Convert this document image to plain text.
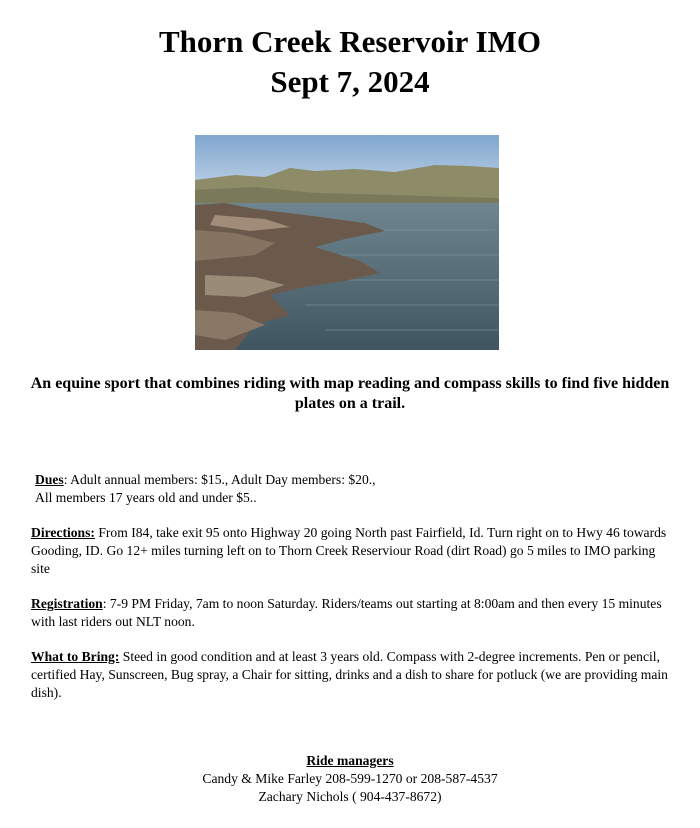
Thorn Creek Reservoir IMO
Sept 7, 2024
An equine sport that combines riding with map reading and compass skills to find five hidden plates on a trail.
Dues: Adult annual members: $15., Adult Day members: $20.,
All members 17 years old and under $5..
Directions: From I84, take exit 95 onto Highway 20 going North past Fairfield, Id. Turn right on to Hwy 46 towards Gooding, ID. Go 12+ miles turning left on to Thorn Creek Reserviour Road (dirt Road) go 5 miles to IMO parking site
Registration: 7-9 PM Friday, 7am to noon Saturday. Riders/teams out starting at 8:00am and then every 15 minutes with last riders out NLT noon.
What to Bring: Steed in good condition and at least 3 years old. Compass with 2-degree increments. Pen or pencil, certified Hay, Sunscreen, Bug spray, a Chair for sitting, drinks and a dish to share for potluck (we are providing main dish).
Ride managers
Candy & Mike Farley 208-599-1270 or 208-587-4537
Zachary Nichols ( 904-437-8672)
